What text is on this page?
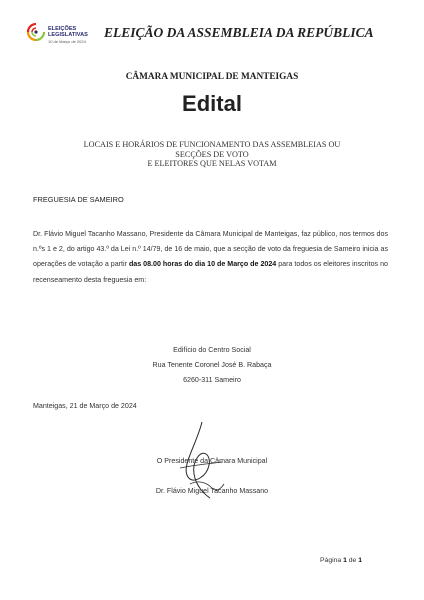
ELEIÇÕES
LEGISLATIVAS
10 de Março de 2024
ELEIÇÃO DA ASSEMBLEIA DA REPÚBLICA
CÂMARA MUNICIPAL DE MANTEIGAS
Edital
LOCAIS E HORÁRIOS DE FUNCIONAMENTO DAS ASSEMBLEIAS OU
SECÇÕES DE VOTO
E ELEITORES QUE NELAS VOTAM
FREGUESIA DE SAMEIRO
Dr. Flávio Miguel Tacanho Massano, Presidente da Câmara Municipal de Manteigas, faz público, nos termos dos n.ºs 1 e 2, do artigo 43.º da Lei n.º 14/79, de 16 de maio, que a secção de voto da freguesia de Sameiro inicia as operações de votação a partir das 08.00 horas do dia 10 de Março de 2024 para todos os eleitores inscritos no recenseamento desta freguesia em:
Edifício do Centro Social
Rua Tenente Coronel José B. Rabaça
6260-311 Sameiro
Manteigas, 21 de Março de 2024
O Presidente da Câmara Municipal
Dr. Flávio Miguel Tacanho Massano
Página 1 de 1
